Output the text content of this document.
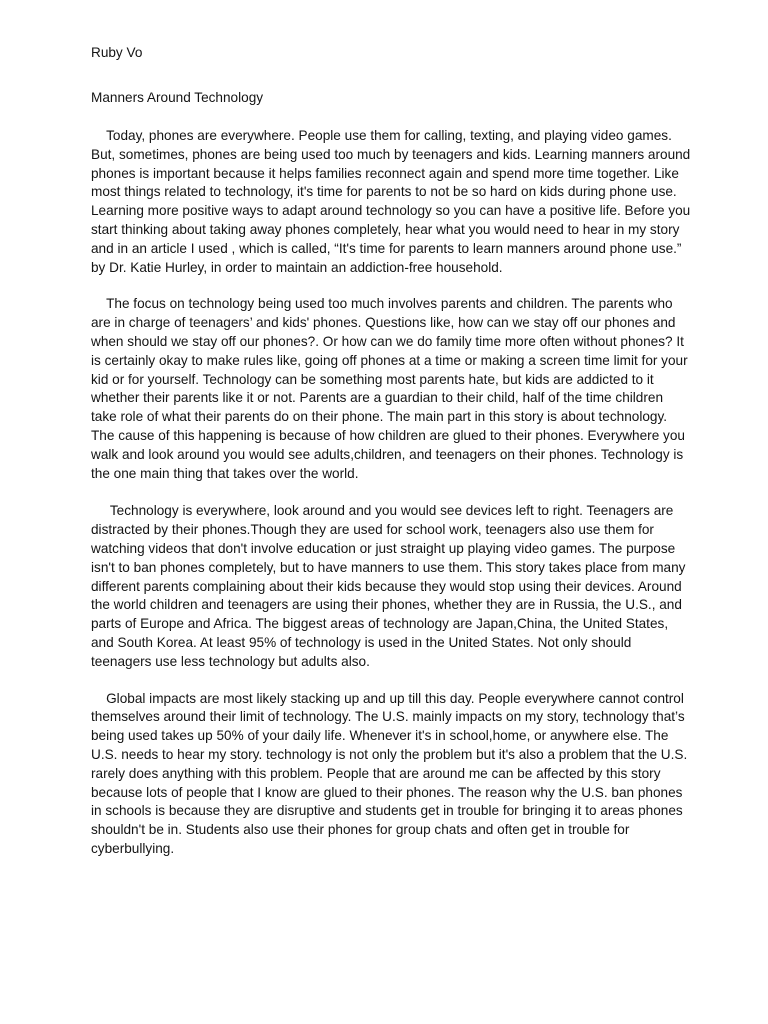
Ruby Vo

Manners Around Technology

Today, phones are everywhere. People use them for calling, texting, and playing video games. But, sometimes, phones are being used too much by teenagers and kids. Learning manners around phones is important because it helps families reconnect again and spend more time together. Like most things related to technology, it's time for parents to not be so hard on kids during phone use. Learning more positive ways to adapt around technology so you can have a positive life. Before you start thinking about taking away phones completely, hear what you would need to hear in my story and in an article I used , which is called, “It's time for parents to learn manners around phone use.” by Dr. Katie Hurley, in order to maintain an addiction-free household.

The focus on technology being used too much involves parents and children. The parents who are in charge of teenagers’ and kids' phones. Questions like, how can we stay off our phones and when should we stay off our phones?. Or how can we do family time more often without phones? It is certainly okay to make rules like, going off phones at a time or making a screen time limit for your kid or for yourself. Technology can be something most parents hate, but kids are addicted to it whether their parents like it or not. Parents are a guardian to their child, half of the time children take role of what their parents do on their phone. The main part in this story is about technology. The cause of this happening is because of how children are glued to their phones. Everywhere you walk and look around you would see adults,children, and teenagers on their phones. Technology is the one main thing that takes over the world.

Technology is everywhere, look around and you would see devices left to right. Teenagers are distracted by their phones.Though they are used for school work, teenagers also use them for watching videos that don't involve education or just straight up playing video games. The purpose isn't to ban phones completely, but to have manners to use them. This story takes place from many different parents complaining about their kids because they would stop using their devices. Around the world children and teenagers are using their phones, whether they are in Russia, the U.S., and parts of Europe and Africa. The biggest areas of technology are Japan,China, the United States, and South Korea. At least 95% of technology is used in the United States. Not only should teenagers use less technology but adults also.

Global impacts are most likely stacking up and up till this day. People everywhere cannot control themselves around their limit of technology. The U.S. mainly impacts on my story, technology that’s being used takes up 50% of your daily life. Whenever it's in school,home, or anywhere else. The U.S. needs to hear my story. technology is not only the problem but it's also a problem that the U.S. rarely does anything with this problem. People that are around me can be affected by this story because lots of people that I know are glued to their phones. The reason why the U.S. ban phones in schools is because they are disruptive and students get in trouble for bringing it to areas phones shouldn't be in. Students also use their phones for group chats and often get in trouble for cyberbullying.
